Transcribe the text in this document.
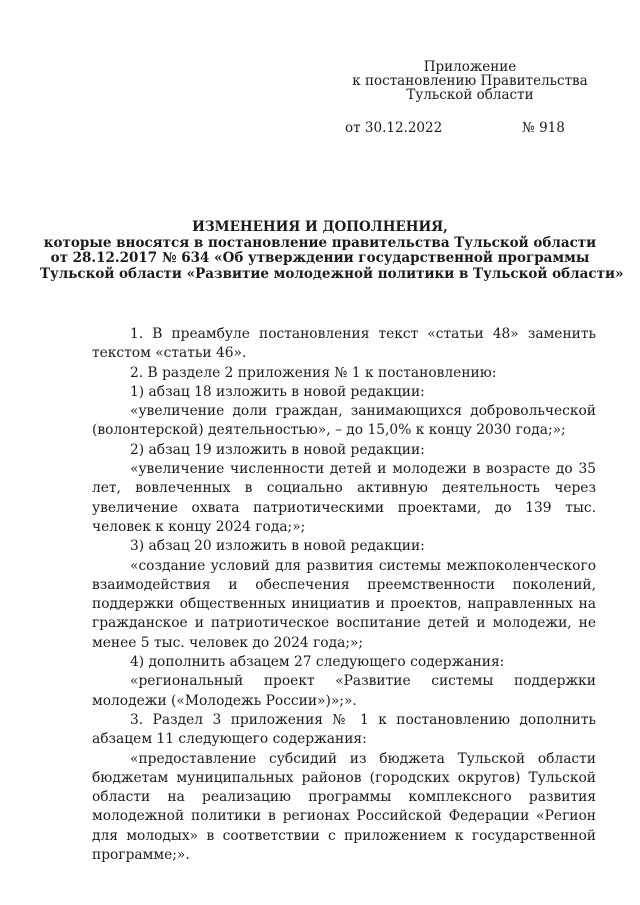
Приложение
к постановлению Правительства
Тульской области
от 30.12.2022	№ 918
ИЗМЕНЕНИЯ И ДОПОЛНЕНИЯ,
которые вносятся в постановление правительства Тульской области
от 28.12.2017 № 634 «Об утверждении государственной программы
Тульской области «Развитие молодежной политики в Тульской области»

1. В преамбуле постановления текст «статьи 48» заменить текстом «статьи 46».

2. В разделе 2 приложения № 1 к постановлению:

1) абзац 18 изложить в новой редакции:

«увеличение доли граждан, занимающихся добровольческой (волонтерской) деятельностью», – до 15,0% к концу 2030 года;»;

2) абзац 19 изложить в новой редакции:

«увеличение численности детей и молодежи в возрасте до 35 лет, вовлеченных в социально активную деятельность через увеличение охвата патриотическими проектами, до 139 тыс. человек к концу 2024 года;»;

3) абзац 20 изложить в новой редакции:

«создание условий для развития системы межпоколенческого взаимодействия и обеспечения преемственности поколений, поддержки общественных инициатив и проектов, направленных на гражданское и патриотическое воспитание детей и молодежи, не менее 5 тыс. человек до 2024 года;»;

4) дополнить абзацем 27 следующего содержания:

«региональный проект «Развитие системы поддержки молодежи («Молодежь России»)»;».

3. Раздел 3 приложения № 1 к постановлению дополнить абзацем 11 следующего содержания:

«предоставление субсидий из бюджета Тульской области бюджетам муниципальных районов (городских округов) Тульской области на реализацию программы комплексного развития молодежной политики в регионах Российской Федерации «Регион для молодых» в соответствии с приложением к государственной программе;».
